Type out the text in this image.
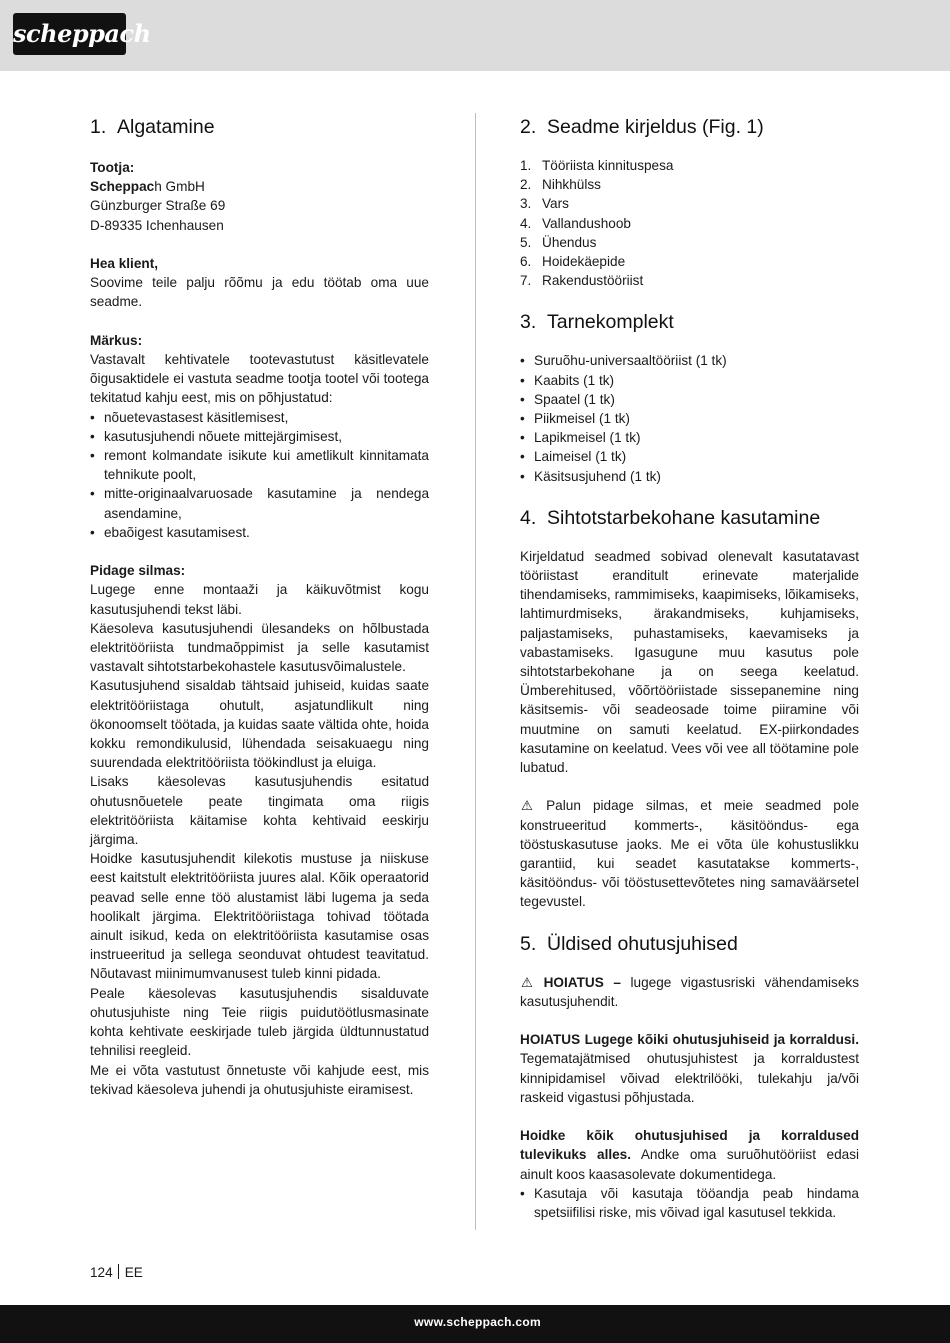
scheppach
1. Algatamine

Tootja:

Scheppach GmbH

Günzburger Straße 69

D-89335 Ichenhausen

Hea klient,

Soovime teile palju rõõmu ja edu töötab oma uue seadme.

Märkus:

Vastavalt kehtivatele tootevastutust käsitlevatele õigusaktidele ei vastuta seadme tootja tootel või tootega tekitatud kahju eest, mis on põhjustatud:

• nõuetevastasest käsitlemisest,
• kasutusjuhendi nõuete mittejärgimisest,
• remont kolmandate isikute kui ametlikult kinnitamata tehnikute poolt,
• mitte-originaalvaruosade kasutamine ja nendega asendamine,
• ebaõigest kasutamisest.

Pidage silmas:

Lugege enne montaaži ja käikuvõtmist kogu kasutusjuhendi tekst läbi.

Käesoleva kasutusjuhendi ülesandeks on hõlbustada elektritööriista tundmaõppimist ja selle kasutamist vastavalt sihtotstarbekohastele kasutusvõimalustele.

Kasutusjuhend sisaldab tähtsaid juhiseid, kuidas saate elektritööriistaga ohutult, asjatundlikult ning ökonoomselt töötada, ja kuidas saate vältida ohte, hoida kokku remondikulusid, lühendada seisakuaegu ning suurendada elektritööriista töökindlust ja eluiga.

Lisaks käesolevas kasutusjuhendis esitatud ohutusnõuetele peate tingimata oma riigis elektritööriista käitamise kohta kehtivaid eeskirju järgima.

Hoidke kasutusjuhendit kilekotis mustuse ja niiskuse eest kaitstult elektritööriista juures alal. Kõik operaatorid peavad selle enne töö alustamist läbi lugema ja seda hoolikalt järgima. Elektritööriistaga tohivad töötada ainult isikud, keda on elektritööriista kasutamise osas instrueeritud ja sellega seonduvat ohtudest teavitatud. Nõutavast miinimumvanusest tuleb kinni pidada.

Peale käesolevas kasutusjuhendis sisalduvate ohutusjuhiste ning Teie riigis puidutöötlusmasinate kohta kehtivate eeskirjade tuleb järgida üldtunnustatud tehnilisi reegleid.

Me ei võta vastutust õnnetuste või kahjude eest, mis tekivad käesoleva juhendi ja ohutusjuhiste eiramisest.

2. Seadme kirjeldus (Fig. 1)
1. Tööriista kinnituspesa
2. Nihkhülss
3. Vars
4. Vallandushoob
5. Ühendus
6. Hoidekäepide
7. Rakendustööriist
3. Tarnekomplekt
• Suruõhu-universaaltööriist (1 tk)
• Kaabits (1 tk)
• Spaatel (1 tk)
• Piikmeisel (1 tk)
• Lapikmeisel (1 tk)
• Laimeisel (1 tk)
• Käsitsusjuhend (1 tk)
4. Sihtotstarbekohane kasutamine

Kirjeldatud seadmed sobivad olenevalt kasutatavast tööriistast eranditult erinevate materjalide tihendamiseks, rammimiseks, kaapimiseks, lõikamiseks, lahtimurdmiseks, ärakandmiseks, kuhjamiseks, paljastamiseks, puhastamiseks, kaevamiseks ja vabastamiseks. Igasugune muu kasutus pole sihtotstarbekohane ja on seega keelatud. Ümberehitused, võõrtööriistade sissepanemine ning käsitsemis- või seadeosade toime piiramine või muutmine on samuti keelatud. EX-piirkondades kasutamine on keelatud. Vees või vee all töötamine pole lubatud.

⚠ Palun pidage silmas, et meie seadmed pole konstrueeritud kommerts-, käsitööndus- ega tööstuskasutuse jaoks. Me ei võta üle kohustuslikku garantiid, kui seadet kasutatakse kommerts-, käsitööndus- või tööstusettevõtetes ning samaväärsetel tegevustel.

5. Üldised ohutusjuhised

⚠ HOIATUS – lugege vigastusriski vähendamiseks kasutusjuhendit.

HOIATUS Lugege kõiki ohutusjuhiseid ja korraldusi. Tegematajätmised ohutusjuhistest ja korraldustest kinnipidamisel võivad elektrilööki, tulekahju ja/või raskeid vigastusi põhjustada.

Hoidke kõik ohutusjuhised ja korraldused tulevikuks alles. Andke oma suruõhutööriist edasi ainult koos kaasasolevate dokumentidega.

• Kasutaja või kasutaja tööandja peab hindama spetsiifilisi riske, mis võivad igal kasutusel tekkida.
124 EE
www.scheppach.com
